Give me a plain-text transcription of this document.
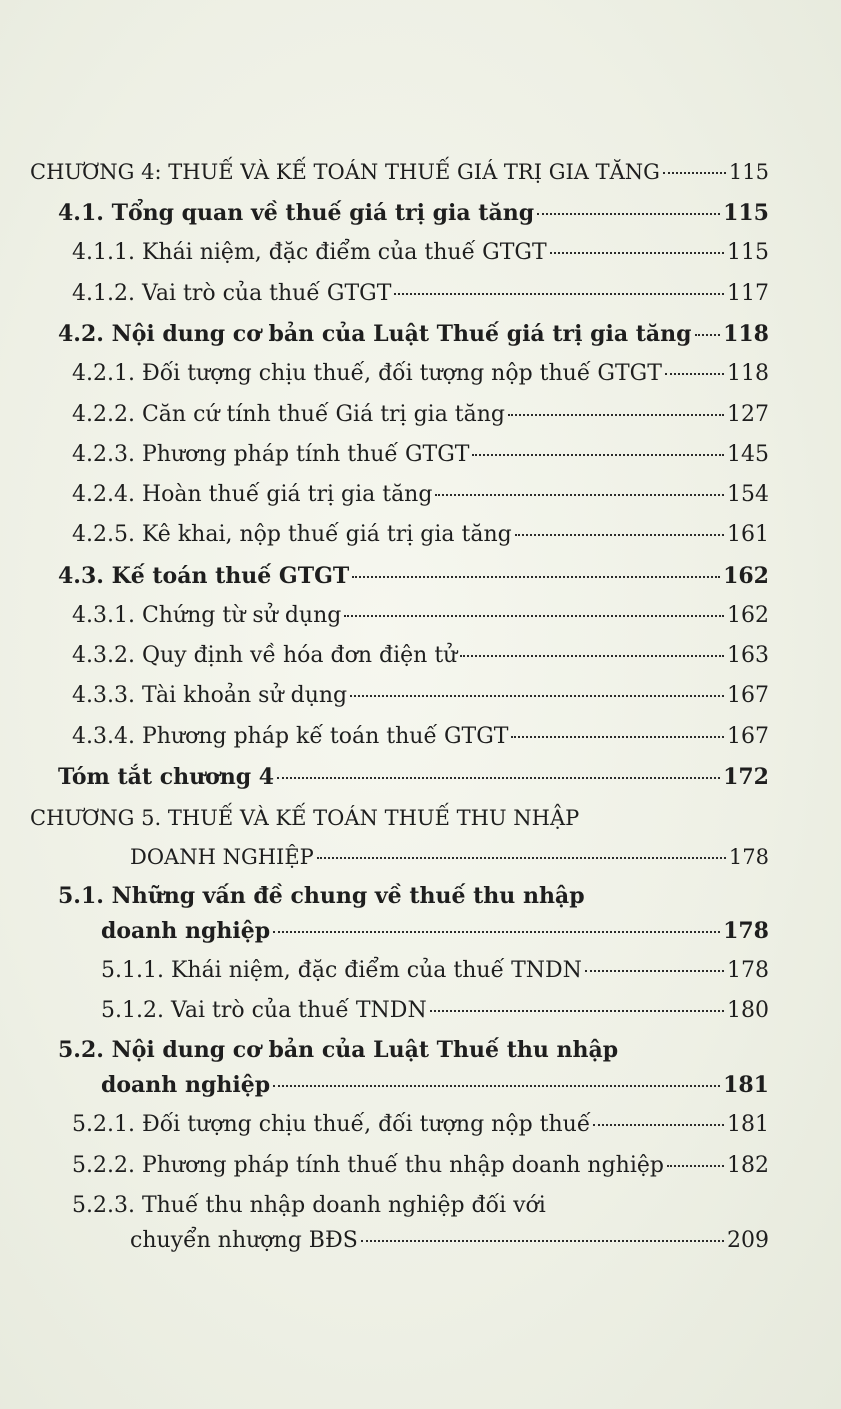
CHƯƠNG 4: THUẾ VÀ KẾ TOÁN THUẾ GIÁ TRỊ GIA TĂNG	115
4.1. Tổng quan về thuế giá trị gia tăng	115
4.1.1. Khái niệm, đặc điểm của thuế GTGT	115
4.1.2. Vai trò của thuế GTGT	117
4.2. Nội dung cơ bản của Luật Thuế giá trị gia tăng 118
4.2.1. Đối tượng chịu thuế, đối tượng nộp thuế GTGT	118
4.2.2. Căn cứ tính thuế Giá trị gia tăng	127
4.2.3. Phương pháp tính thuế GTGT	145
4.2.4. Hoàn thuế giá trị gia tăng	154
4.2.5. Kê khai, nộp thuế giá trị gia tăng	161
4.3. Kế toán thuế GTGT	162
4.3.1. Chứng từ sử dụng	162
4.3.2. Quy định về hóa đơn điện tử	163
4.3.3. Tài khoản sử dụng	167
4.3.4. Phương pháp kế toán thuế GTGT	167
Tóm tắt chương 4	172
CHƯƠNG 5. THUẾ VÀ KẾ TOÁN THUẾ THU NHẬP
DOANH NGHIỆP	178
5.1. Những vấn đề chung về thuế thu nhập
doanh nghiệp	178
5.1.1. Khái niệm, đặc điểm của thuế TNDN	178
5.1.2. Vai trò của thuế TNDN	180
5.2. Nội dung cơ bản của Luật Thuế thu nhập
doanh nghiệp	181
5.2.1. Đối tượng chịu thuế, đối tượng nộp thuế	181
5.2.2. Phương pháp tính thuế thu nhập doanh nghiệp	182
5.2.3. Thuế thu nhập doanh nghiệp đối với
chuyển nhượng BĐS	209
